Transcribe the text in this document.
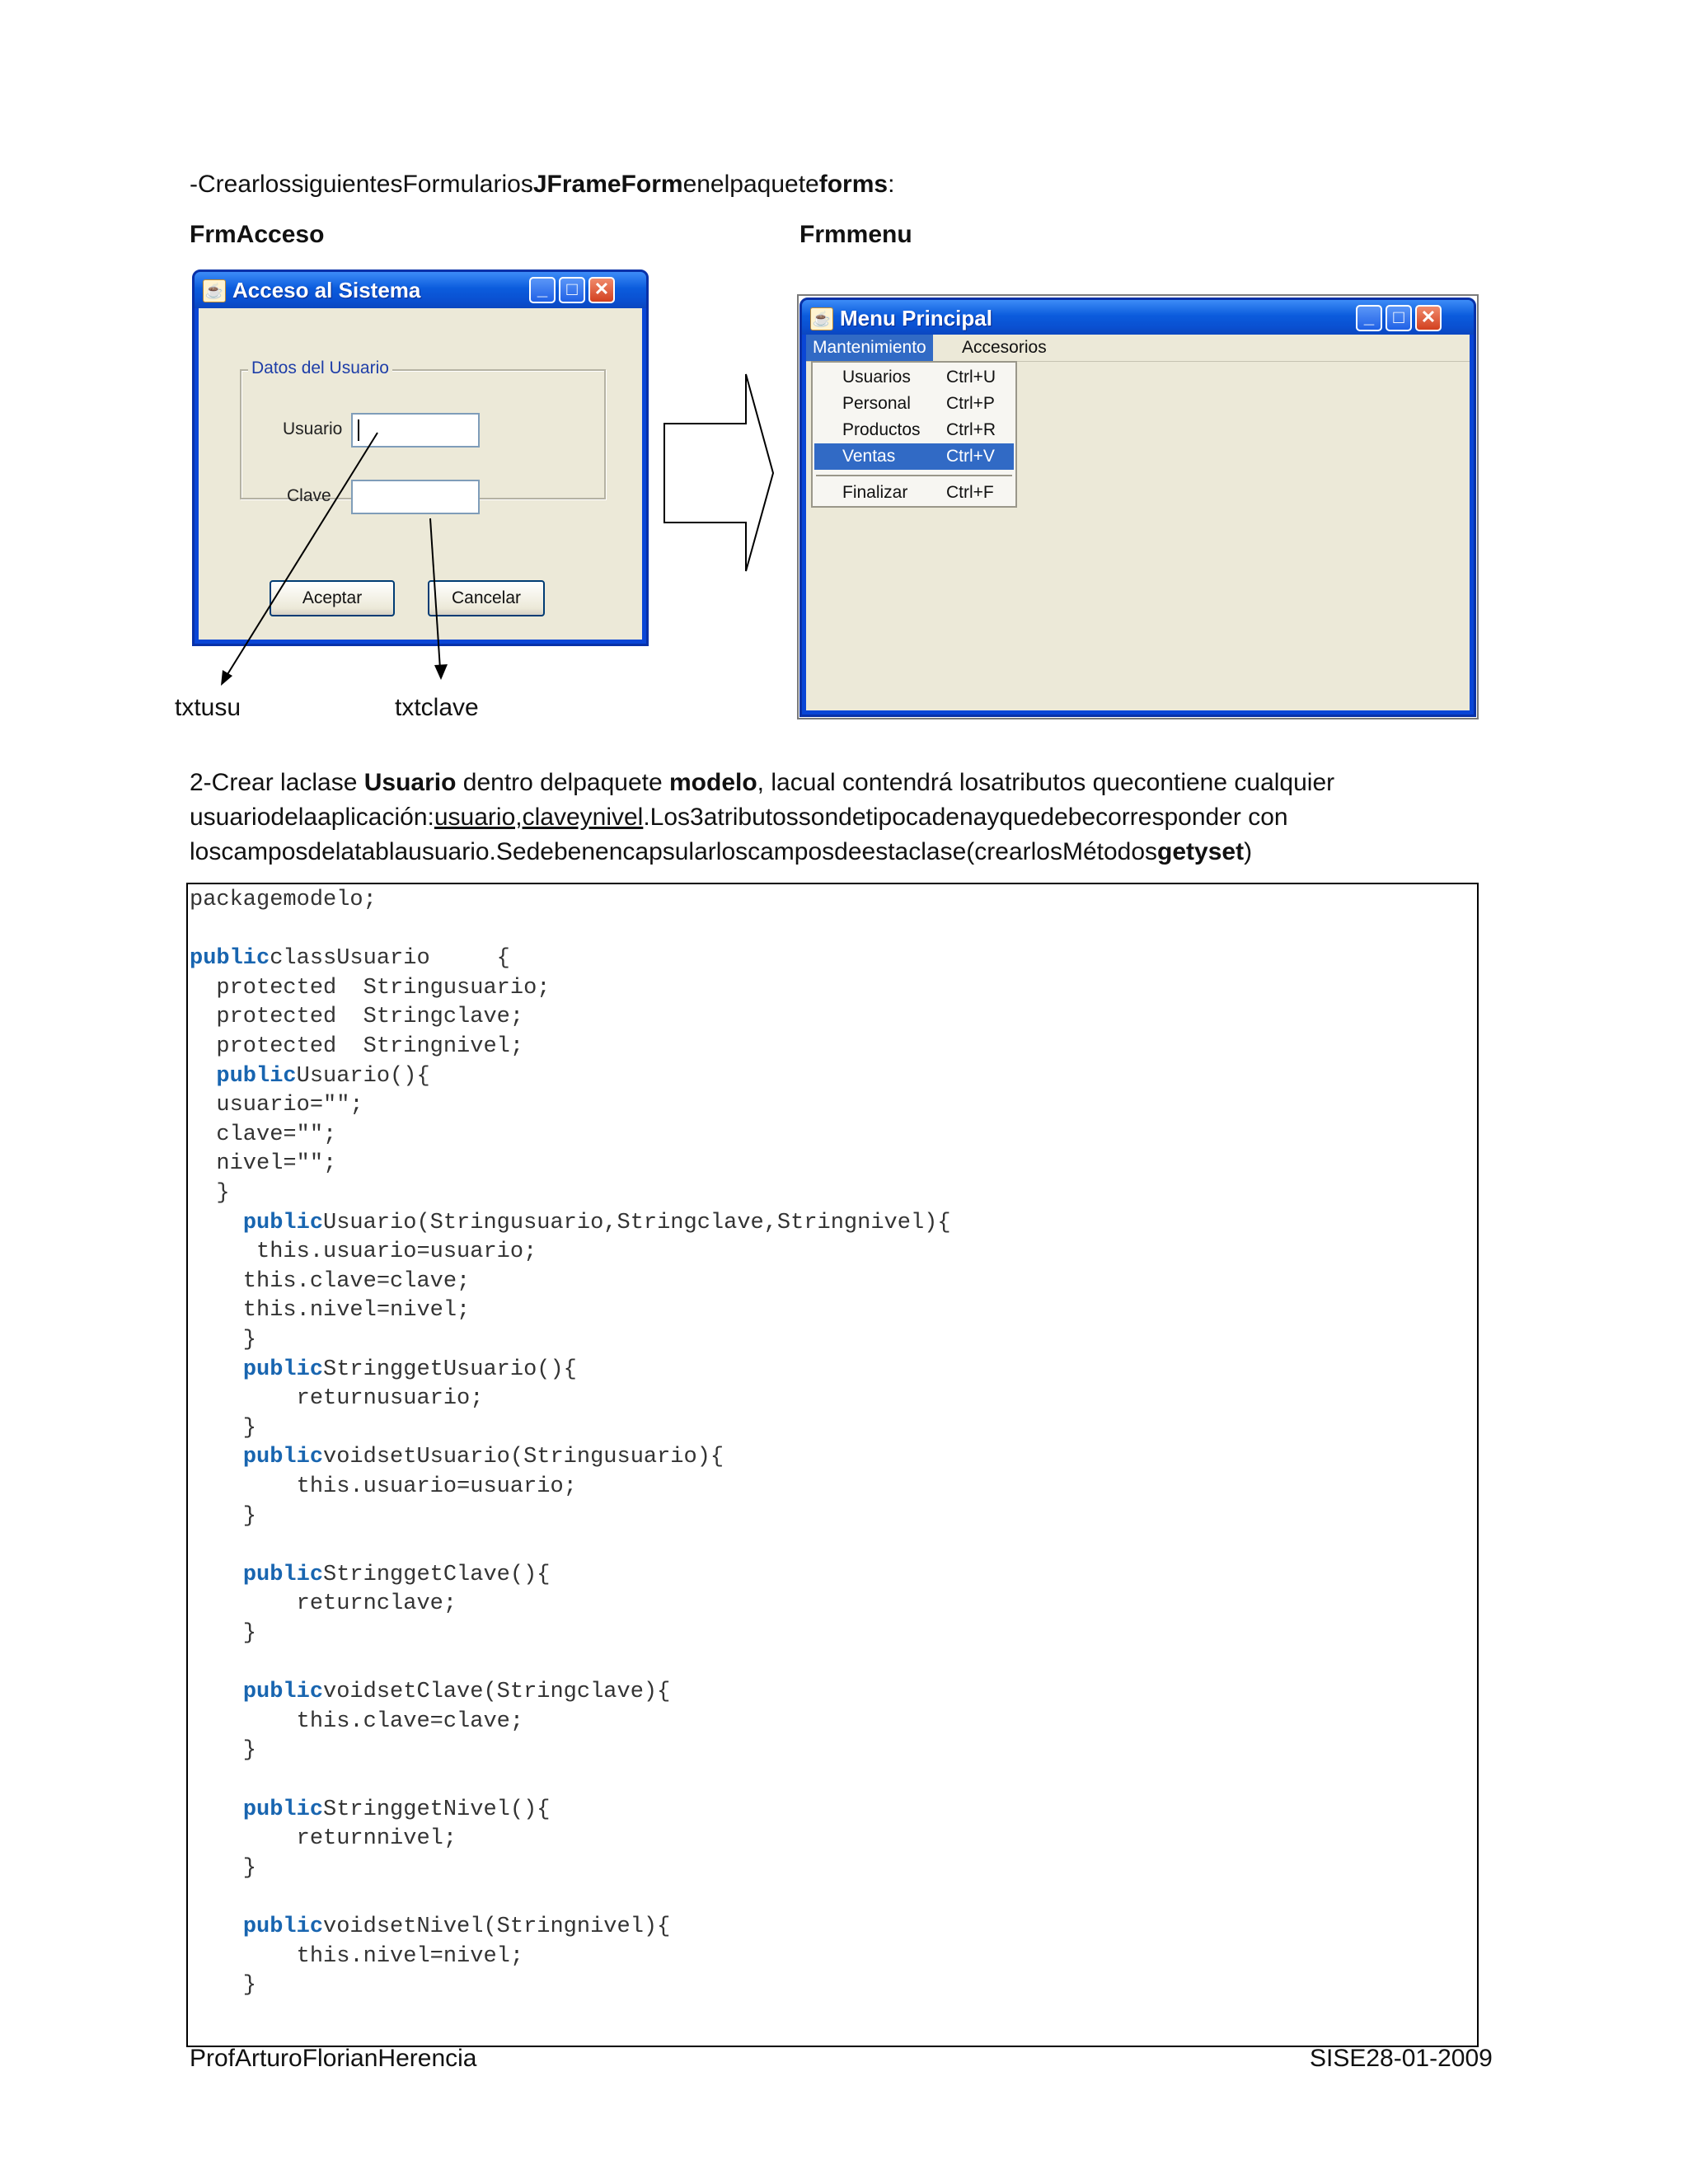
-CrearlossiguientesFormulariosJFrameFormenelpaqueteforms:
FrmAcceso	Frmmenu
☕ Acceso al Sistema	_	□ ✕
Datos del Usuario
Usuario
Clave
Aceptar	Cancelar
txtusu	txtclave
☕ Menu Principal	_	□ ✕
Mantenimiento	Accesorios
Usuarios Ctrl+U
Personal Ctrl+P
Productos Ctrl+R
Ventas	Ctrl+V
Finalizar Ctrl+F
2-Crear laclase Usuario dentro delpaquete modelo, lacual contendrá losatributos quecontiene cualquier
usuariodelaaplicación:usuario,claveynivel.Los3atributossondetipocadenayquedebecorresponder con
loscamposdelatablausuario.Sedebenencapsularloscamposdeestaclase(crearlosMétodosgetyset)
packagemodelo;
publicclassUsuario     {
protected  Stringusuario;
protected  Stringclave;
protected  Stringnivel;
publicUsuario(){
usuario="";
clave="";
nivel="";
}
publicUsuario(Stringusuario,Stringclave,Stringnivel){
this.usuario=usuario;
this.clave=clave;
this.nivel=nivel;
}
publicStringgetUsuario(){
returnusuario;
}
publicvoidsetUsuario(Stringusuario){
this.usuario=usuario;
}
publicStringgetClave(){
returnclave;
}
publicvoidsetClave(Stringclave){
this.clave=clave;
}
publicStringgetNivel(){
returnnivel;
}
publicvoidsetNivel(Stringnivel){
this.nivel=nivel;
}
ProfArturoFlorianHerencia	SISE28-01-2009
